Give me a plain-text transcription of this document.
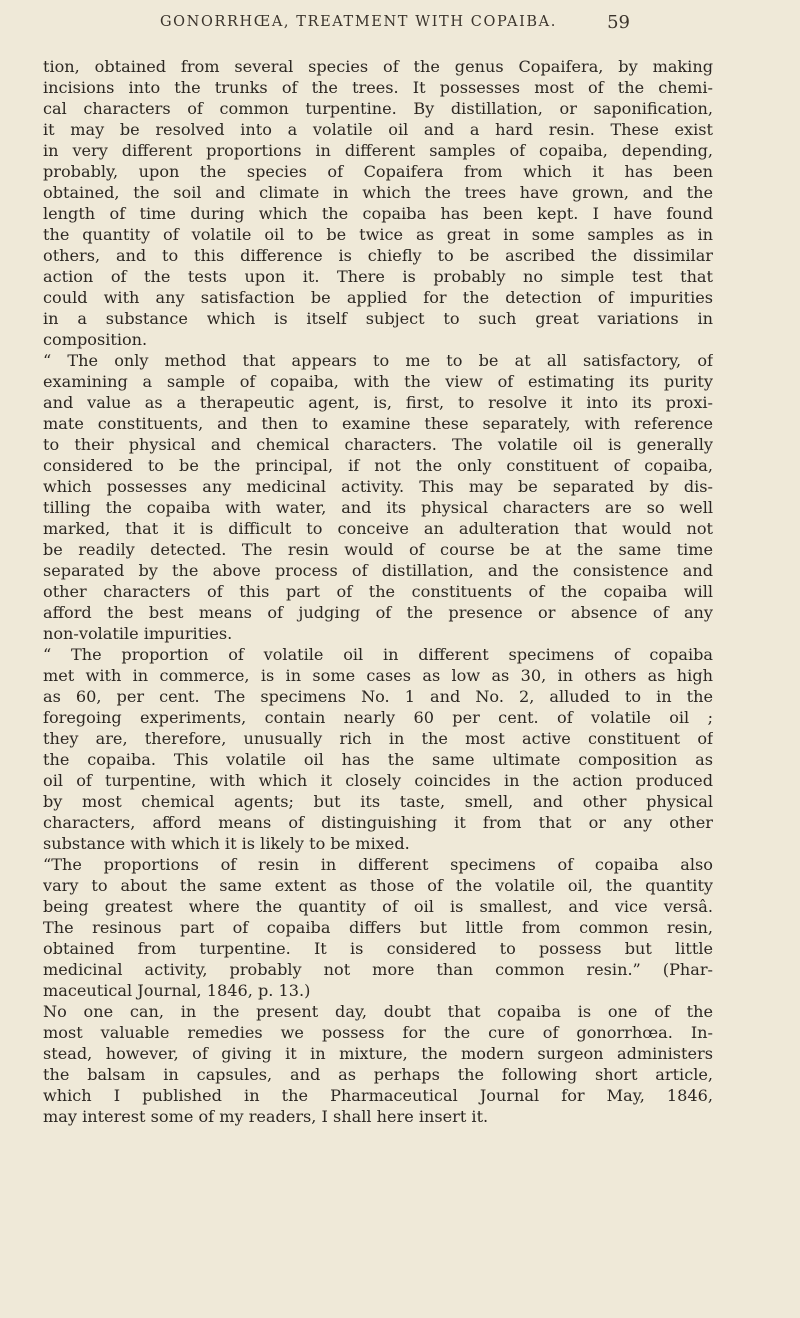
GONORRHŒA, TREATMENT WITH COPAIBA.	59
tion, obtained from several species of the genus Copaifera, by making
incisions into the trunks of the trees. It possesses most of the chemi-
cal characters of common turpentine. By distillation, or saponification,
it may be resolved into a volatile oil and a hard resin. These exist
in very different proportions in different samples of copaiba, depending,
probably, upon the species of Copaifera from which it has been
obtained, the soil and climate in which the trees have grown, and the
length of time during which the copaiba has been kept. I have found
the quantity of volatile oil to be twice as great in some samples as in
others, and to this difference is chiefly to be ascribed the dissimilar
action of the tests upon it. There is probably no simple test that
could with any satisfaction be applied for the detection of impurities
in a substance which is itself subject to such great variations in
composition.
“ The only method that appears to me to be at all satisfactory, of
examining a sample of copaiba, with the view of estimating its purity
and value as a therapeutic agent, is, first, to resolve it into its proxi-
mate constituents, and then to examine these separately, with reference
to their physical and chemical characters. The volatile oil is generally
considered to be the principal, if not the only constituent of copaiba,
which possesses any medicinal activity. This may be separated by dis-
tilling the copaiba with water, and its physical characters are so well
marked, that it is difficult to conceive an adulteration that would not
be readily detected. The resin would of course be at the same time
separated by the above process of distillation, and the consistence and
other characters of this part of the constituents of the copaiba will
afford the best means of judging of the presence or absence of any
non-volatile impurities.
“ The proportion of volatile oil in different specimens of copaiba
met with in commerce, is in some cases as low as 30, in others as high
as 60, per cent. The specimens No. 1 and No. 2, alluded to in the
foregoing experiments, contain nearly 60 per cent. of volatile oil ;
they are, therefore, unusually rich in the most active constituent of
the copaiba. This volatile oil has the same ultimate composition as
oil of turpentine, with which it closely coincides in the action produced
by most chemical agents; but its taste, smell, and other physical
characters, afford means of distinguishing it from that or any other
substance with which it is likely to be mixed.
“The proportions of resin in different specimens of copaiba also
vary to about the same extent as those of the volatile oil, the quantity
being greatest where the quantity of oil is smallest, and vice versâ.
The resinous part of copaiba differs but little from common resin,
obtained from turpentine. It is considered to possess but little
medicinal activity, probably not more than common resin.” (Phar-
maceutical Journal, 1846, p. 13.)
No one can, in the present day, doubt that copaiba is one of the
most valuable remedies we possess for the cure of gonorrhœa. In-
stead, however, of giving it in mixture, the modern surgeon administers
the balsam in capsules, and as perhaps the following short article,
which I published in the Pharmaceutical Journal for May, 1846,
may interest some of my readers, I shall here insert it.
